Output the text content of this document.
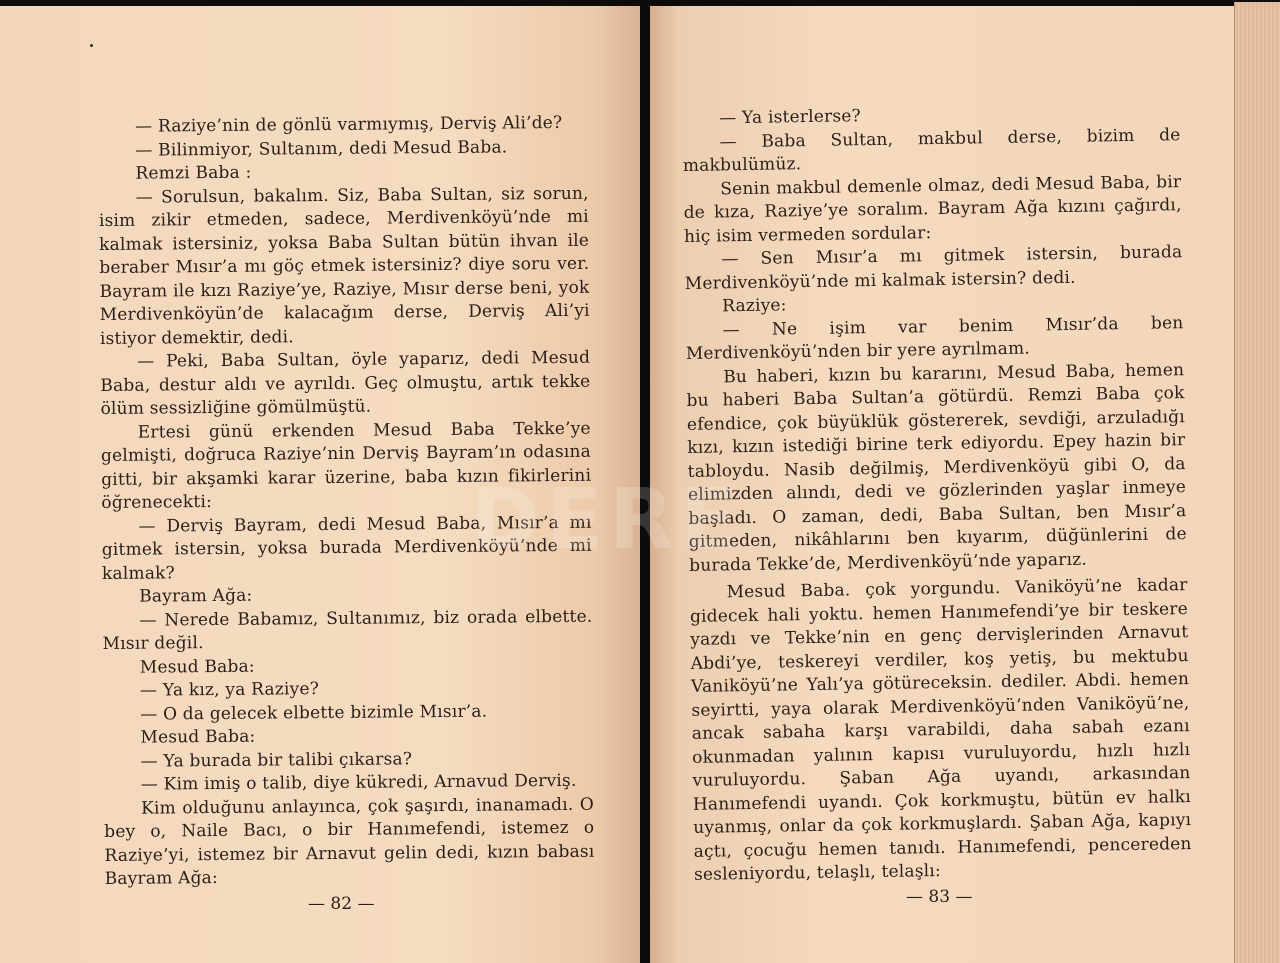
— Raziye’nin de gönlü varmıymış, Derviş Ali’de?

— Bilinmiyor, Sultanım, dedi Mesud Baba.

Remzi Baba :

— Sorulsun, bakalım. Siz, Baba Sultan, siz sorun, isim zikir etmeden, sadece, Merdivenköyü’nde mi kalmak istersiniz, yoksa Baba Sultan bütün ihvan ile beraber Mısır’a mı göç etmek istersiniz? diye soru ver. Bayram ile kızı Raziye’ye, Raziye, Mısır derse beni, yok Merdivenköyün’de kalacağım derse, Derviş Ali’yi istiyor demektir, dedi.

— Peki, Baba Sultan, öyle yaparız, dedi Mesud Baba, destur aldı ve ayrıldı. Geç olmuştu, artık tekke ölüm sessizliğine gömülmüştü.

Ertesi günü erkenden Mesud Baba Tekke’ye gelmişti, doğruca Raziye’nin Derviş Bayram’ın odasına gitti, bir akşamki karar üzerine, baba kızın fikirlerini öğrenecekti:

— Derviş Bayram, dedi Mesud Baba, Mısır’a mı gitmek istersin, yoksa burada Merdivenköyü’nde mi kalmak?

Bayram Ağa:

— Nerede Babamız, Sultanımız, biz orada elbette. Mısır değil.

Mesud Baba:

— Ya kız, ya Raziye?

— O da gelecek elbette bizimle Mısır’a.

Mesud Baba:

— Ya burada bir talibi çıkarsa?

— Kim imiş o talib, diye kükredi, Arnavud Derviş.

Kim olduğunu anlayınca, çok şaşırdı, inanamadı. O bey o, Naile Bacı, o bir Hanımefendi, istemez o Raziye’yi, istemez bir Arnavut gelin dedi, kızın babası Bayram Ağa:

— 82 —

— Ya isterlerse?

— Baba Sultan, makbul derse, bizim de makbulümüz.

Senin makbul demenle olmaz, dedi Mesud Baba, bir de kıza, Raziye’ye soralım. Bayram Ağa kızını çağırdı, hiç isim vermeden sordular:

— Sen Mısır’a mı gitmek istersin, burada Merdivenköyü’nde mi kalmak istersin? dedi.

Raziye:

— Ne işim var benim Mısır’da ben Merdivenköyü’nden bir yere ayrılmam.

Bu haberi, kızın bu kararını, Mesud Baba, hemen bu haberi Baba Sultan’a götürdü. Remzi Baba çok efendice, çok büyüklük göstererek, sevdiği, arzuladığı kızı, kızın istediği birine terk ediyordu. Epey hazin bir tabloydu. Nasib değilmiş, Merdivenköyü gibi O, da elimizden alındı, dedi ve gözlerinden yaşlar inmeye başladı. O zaman, dedi, Baba Sultan, ben Mısır’a gitmeden, nikâhlarını ben kıyarım, düğünlerini de burada Tekke’de, Merdivenköyü’nde yaparız.

Mesud Baba. çok yorgundu. Vaniköyü’ne kadar gidecek hali yoktu. hemen Hanımefendi’ye bir teskere yazdı ve Tekke’nin en genç dervişlerinden Arnavut Abdi’ye, teskereyi verdiler, koş yetiş, bu mektubu Vaniköyü’ne Yalı’ya götüreceksin. dediler. Abdi. hemen seyirtti, yaya olarak Merdivenköyü’nden Vaniköyü’ne, ancak sabaha karşı varabildi, daha sabah ezanı okunmadan yalının kapısı vuruluyordu, hızlı hızlı vuruluyordu. Şaban Ağa uyandı, arkasından Hanımefendi uyandı. Çok korkmuştu, bütün ev halkı uyanmış, onlar da çok korkmuşlardı. Şaban Ağa, kapıyı açtı, çocuğu hemen tanıdı. Hanımefendi, pencereden sesleniyordu, telaşlı, telaşlı:

— 83 —
DERE
